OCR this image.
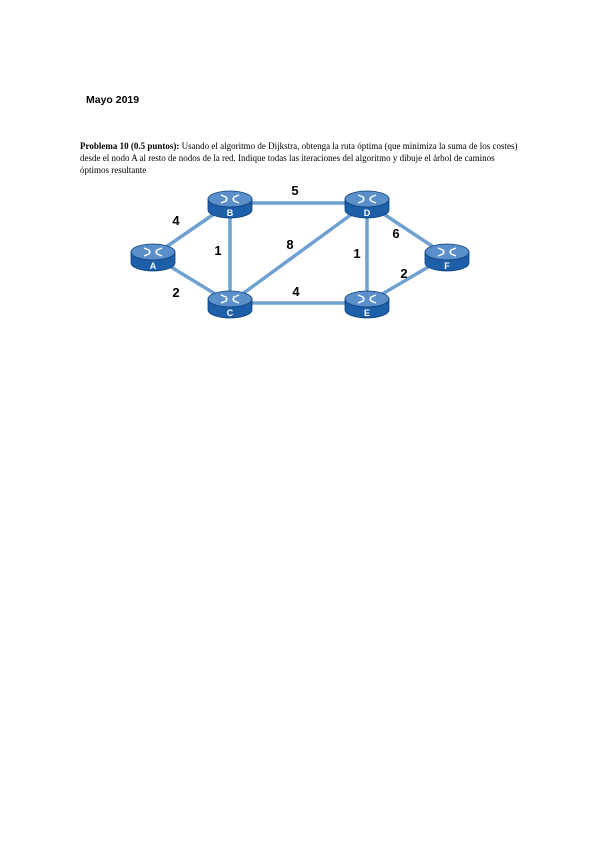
Mayo 2019
Problema 10 (0.5 puntos): Usando el algoritmo de Dijkstra, obtenga la ruta óptima (que minimiza la suma de los costes) desde el nodo A al resto de nodos de la red. Indique todas las iteraciones del algoritmo y dibuje el árbol de caminos óptimos resultante
4
2
1
5
8
4
1
6
2
A
B
C
D
E
F
